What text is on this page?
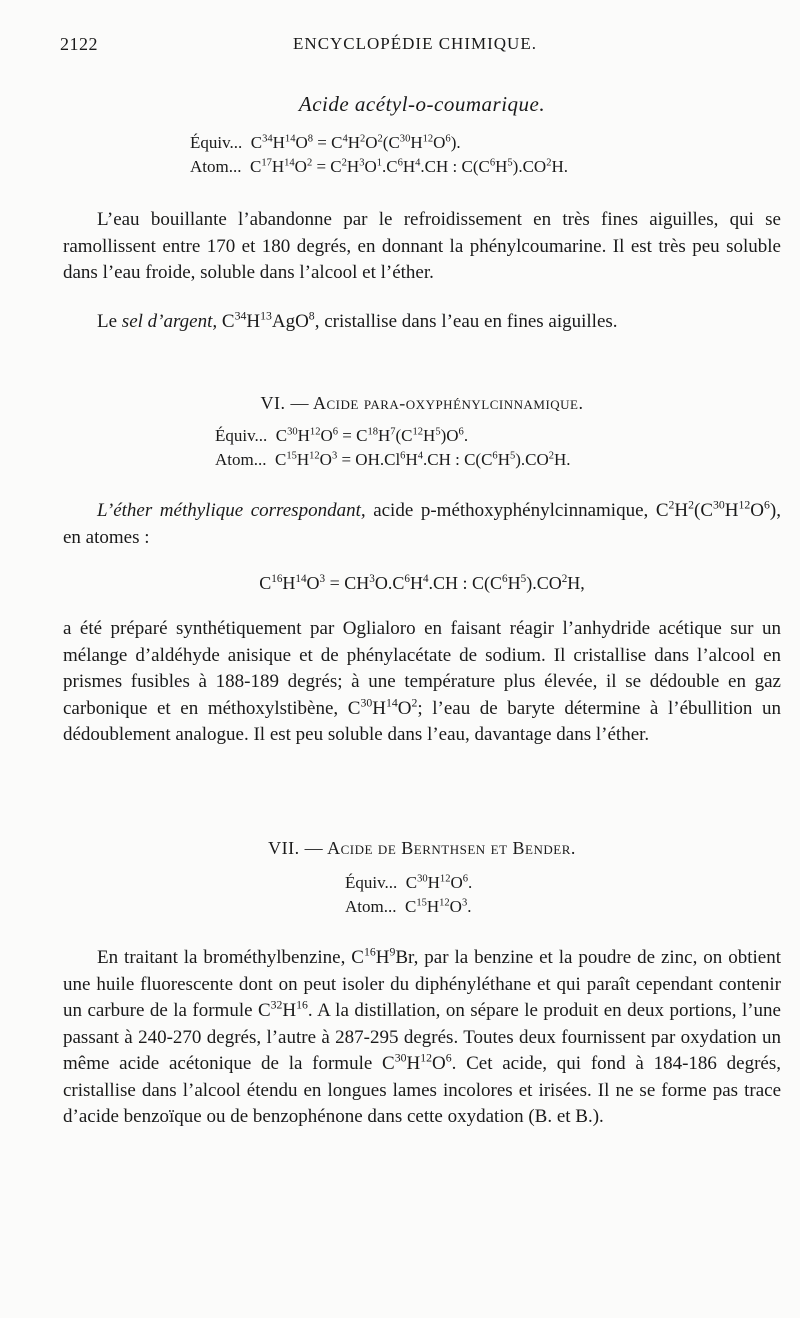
2122	ENCYCLOPÉDIE CHIMIQUE.
Acide acétyl-o-coumarique.
Équiv...  $C^{34}H^{14}O^8 = C^4H^2O^2(C^{30}H^{12}O^6)$.
Atom...  $C^{17}H^{14}O^2 = C^2H^3O^1.C^6H^4.CH$ : $C(C^6H^5).CO^2H$.

L’eau bouillante l’abandonne par le refroidissement en très fines aiguilles, qui se ramollissent entre 170 et 180 degrés, en donnant la phénylcoumarine. Il est très peu soluble dans l’eau froide, soluble dans l’alcool et l’éther.

Le sel d’argent, $C^{34}H^{13}AgO^8$, cristallise dans l’eau en fines aiguilles.

VI. — Acide para-oxyphénylcinnamique.
Équiv...  $C^{30}H^{12}O^6 = C^{18}H^7(C^{12}H^5)O^6$.
Atom...  $C^{15}H^{12}O^3 = OH.Cl^6H^4.CH$ : $C(C^6H^5).CO^2H$.

L’éther méthylique correspondant, acide p-méthoxyphénylcinnamique, $C^2H^2(C^{30}H^{12}O^6)$, en atomes :

$C^{16}H^{14}O^3 = CH^3O.C^6H^4.CH$ : $C(C^6H^5).CO^2H$,

a été préparé synthétiquement par Oglialoro en faisant réagir l’anhydride acétique sur un mélange d’aldéhyde anisique et de phénylacétate de sodium. Il cristallise dans l’alcool en prismes fusibles à 188-189 degrés; à une température plus élevée, il se dédouble en gaz carbonique et en méthoxylstibène, $C^{30}H^{14}O^2$; l’eau de baryte détermine à l’ébullition un dédoublement analogue. Il est peu soluble dans l’eau, davantage dans l’éther.

VII. — Acide de Bernthsen et Bender.
Équiv...  $C^{30}H^{12}O^6$.
Atom...  $C^{15}H^{12}O^3$.

En traitant la brométhylbenzine, $C^{16}H^9Br$, par la benzine et la poudre de zinc, on obtient une huile fluorescente dont on peut isoler du diphényléthane et qui paraît cependant contenir un carbure de la formule $C^{32}H^{16}$. A la distillation, on sépare le produit en deux portions, l’une passant à 240-270 degrés, l’autre à 287-295 degrés. Toutes deux fournissent par oxydation un même acide acétonique de la formule $C^{30}H^{12}O^6$. Cet acide, qui fond à 184-186 degrés, cristallise dans l’alcool étendu en longues lames incolores et irisées. Il ne se forme pas trace d’acide benzoïque ou de benzophénone dans cette oxydation (B. et B.).
